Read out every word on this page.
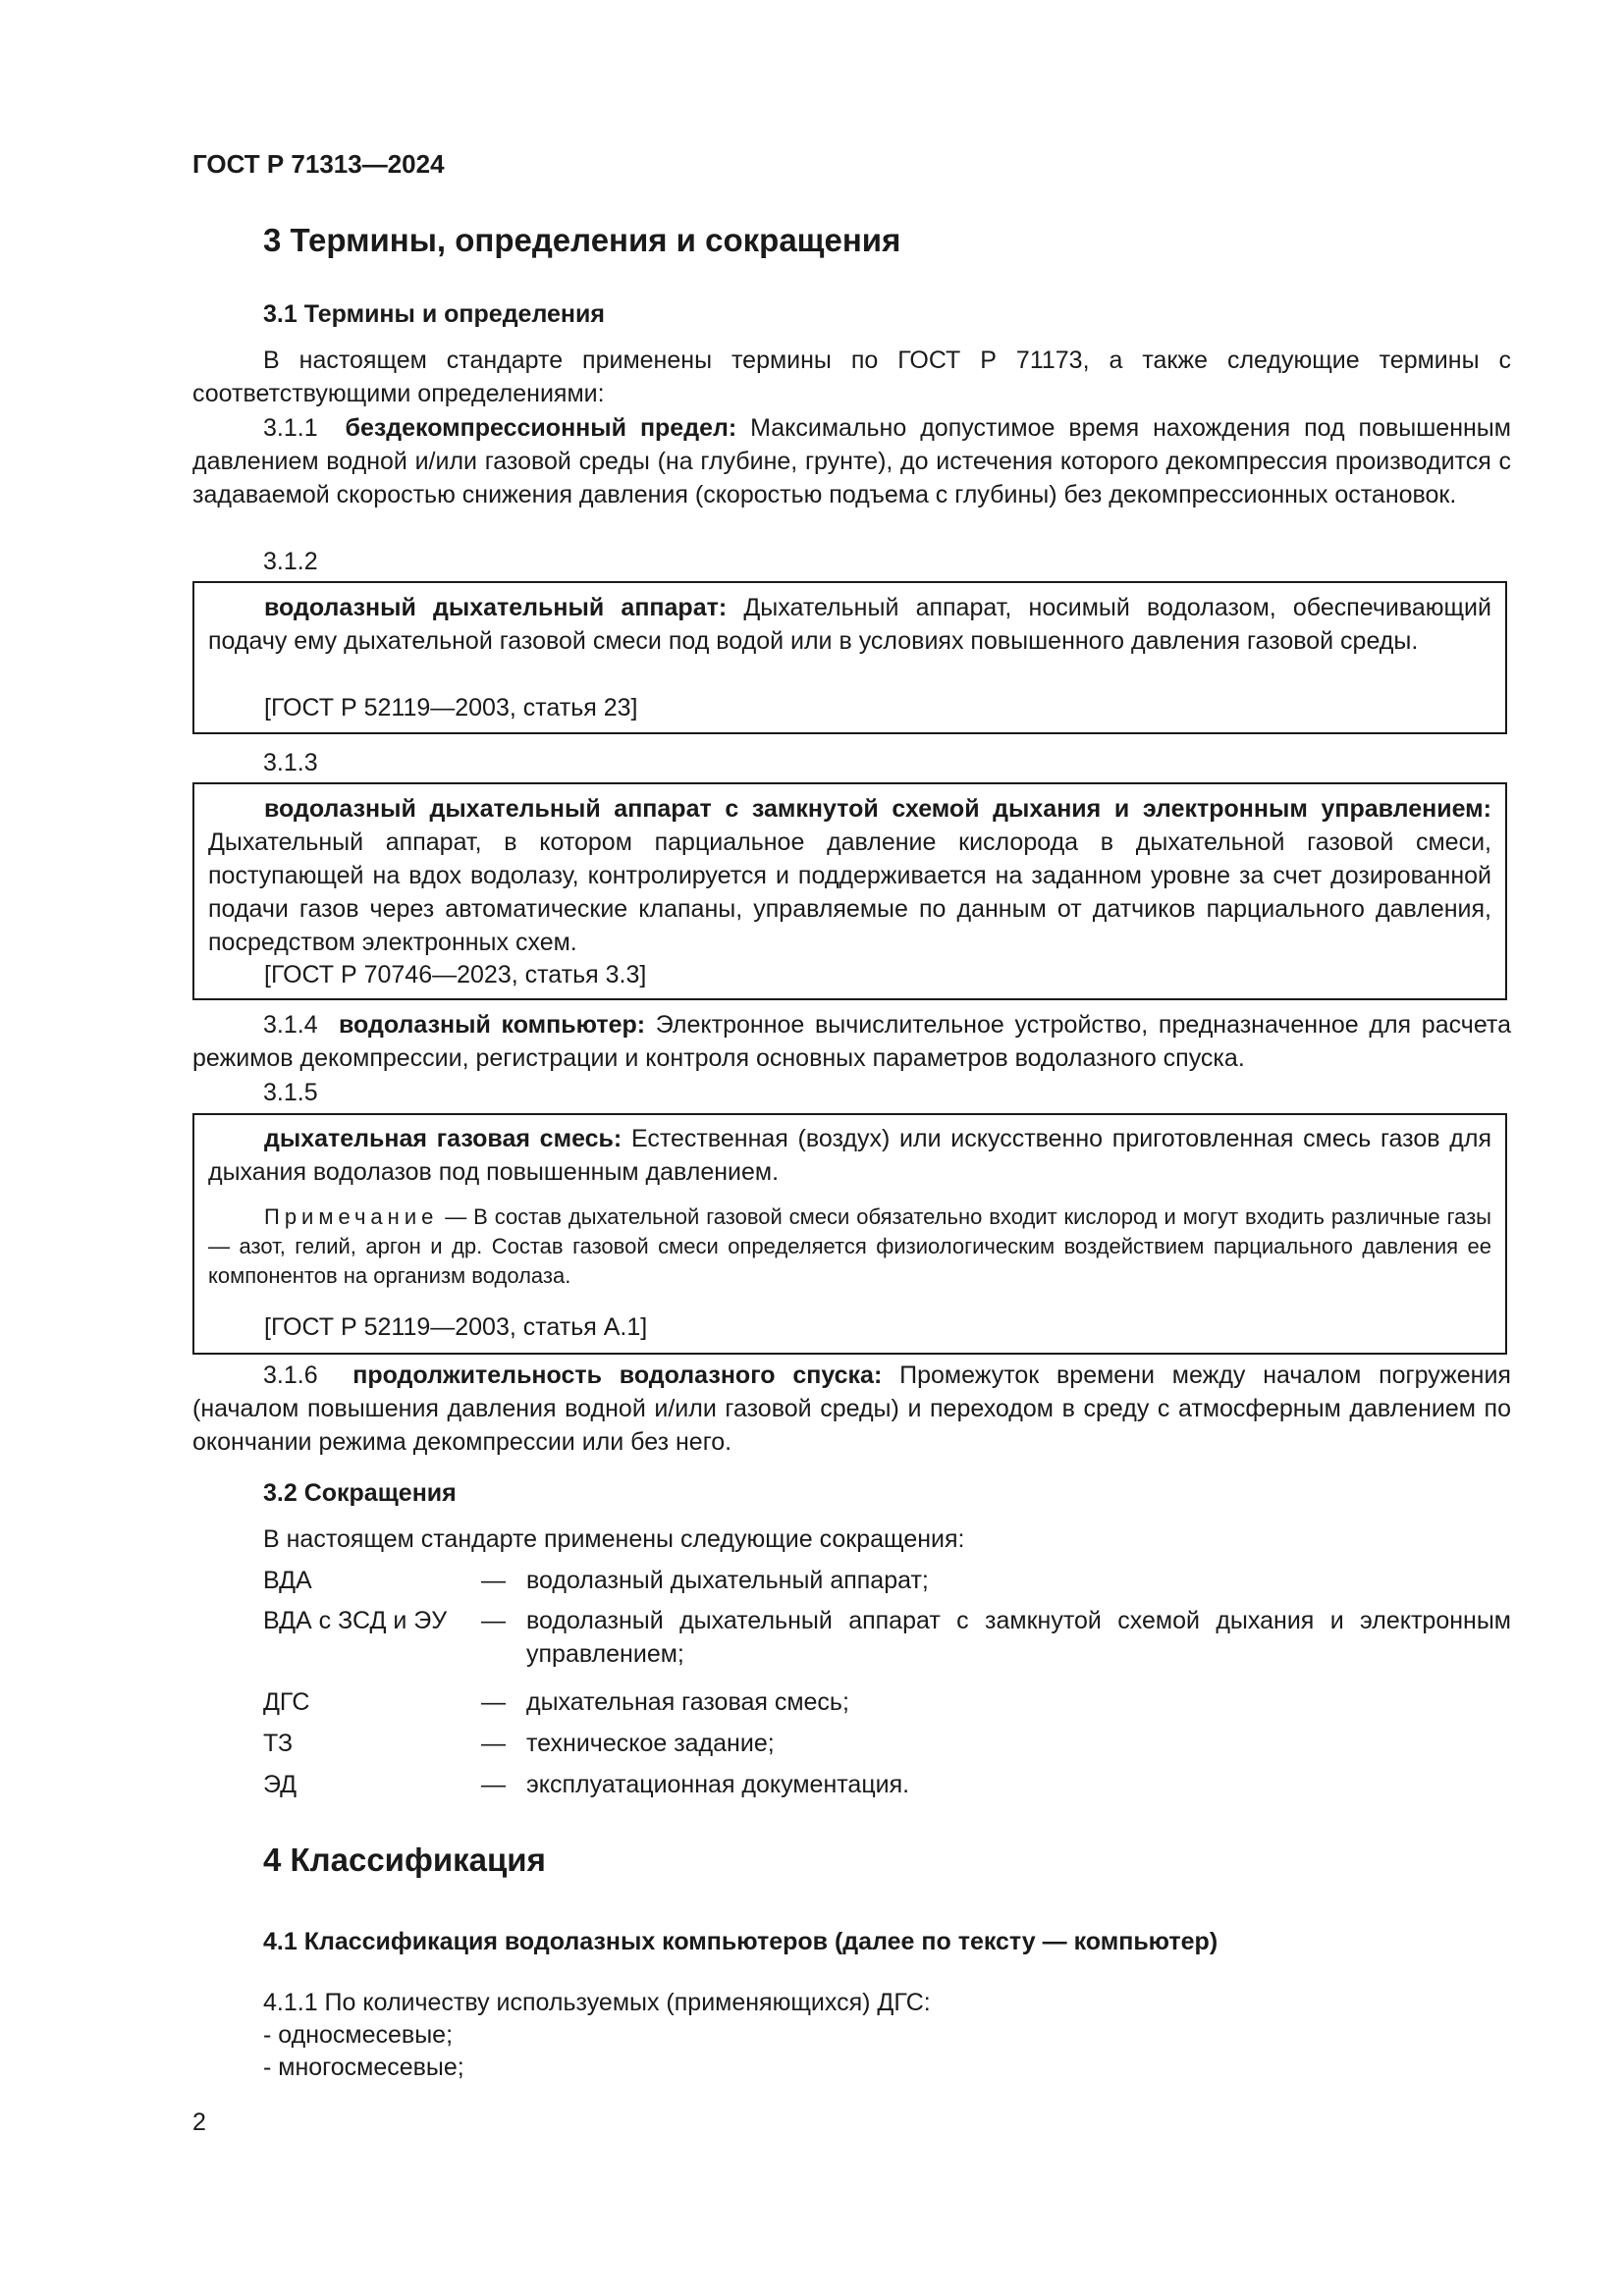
ГОСТ Р 71313—2024
3 Термины, определения и сокращения
3.1 Термины и определения
В настоящем стандарте применены термины по ГОСТ Р 71173, а также следующие термины с соответствующими определениями:
3.1.1 бездекомпрессионный предел: Максимально допустимое время нахождения под повышенным давлением водной и/или газовой среды (на глубине, грунте), до истечения которого декомпрессия производится с задаваемой скоростью снижения давления (скоростью подъема с глубины) без декомпрессионных остановок.
3.1.2
водолазный дыхательный аппарат: Дыхательный аппарат, носимый водолазом, обеспечивающий подачу ему дыхательной газовой смеси под водой или в условиях повышенного давления газовой среды.
[ГОСТ Р 52119—2003, статья 23]
3.1.3
водолазный дыхательный аппарат с замкнутой схемой дыхания и электронным управлением: Дыхательный аппарат, в котором парциальное давление кислорода в дыхательной газовой смеси, поступающей на вдох водолазу, контролируется и поддерживается на заданном уровне за счет дозированной подачи газов через автоматические клапаны, управляемые по данным от датчиков парциального давления, посредством электронных схем.
[ГОСТ Р 70746—2023, статья 3.3]
3.1.4 водолазный компьютер: Электронное вычислительное устройство, предназначенное для расчета режимов декомпрессии, регистрации и контроля основных параметров водолазного спуска.
3.1.5
дыхательная газовая смесь: Естественная (воздух) или искусственно приготовленная смесь газов для дыхания водолазов под повышенным давлением.
Примечание — В состав дыхательной газовой смеси обязательно входит кислород и могут входить различные газы — азот, гелий, аргон и др. Состав газовой смеси определяется физиологическим воздействием парциального давления ее компонентов на организм водолаза.
[ГОСТ Р 52119—2003, статья А.1]
3.1.6 продолжительность водолазного спуска: Промежуток времени между началом погружения (началом повышения давления водной и/или газовой среды) и переходом в среду с атмосферным давлением по окончании режима декомпрессии или без него.
3.2 Сокращения
В настоящем стандарте применены следующие сокращения:
ВДА	— водолазный дыхательный аппарат;
ВДА с ЗСД и ЭУ	— водолазный дыхательный аппарат с замкнутой схемой дыхания и электронным управлением;
ДГС	— дыхательная газовая смесь;
ТЗ	— техническое задание;
ЭД	— эксплуатационная документация.
4 Классификация
4.1 Классификация водолазных компьютеров (далее по тексту — компьютер)
4.1.1 По количеству используемых (применяющихся) ДГС:
- односмесевые;
- многосмесевые;
2
